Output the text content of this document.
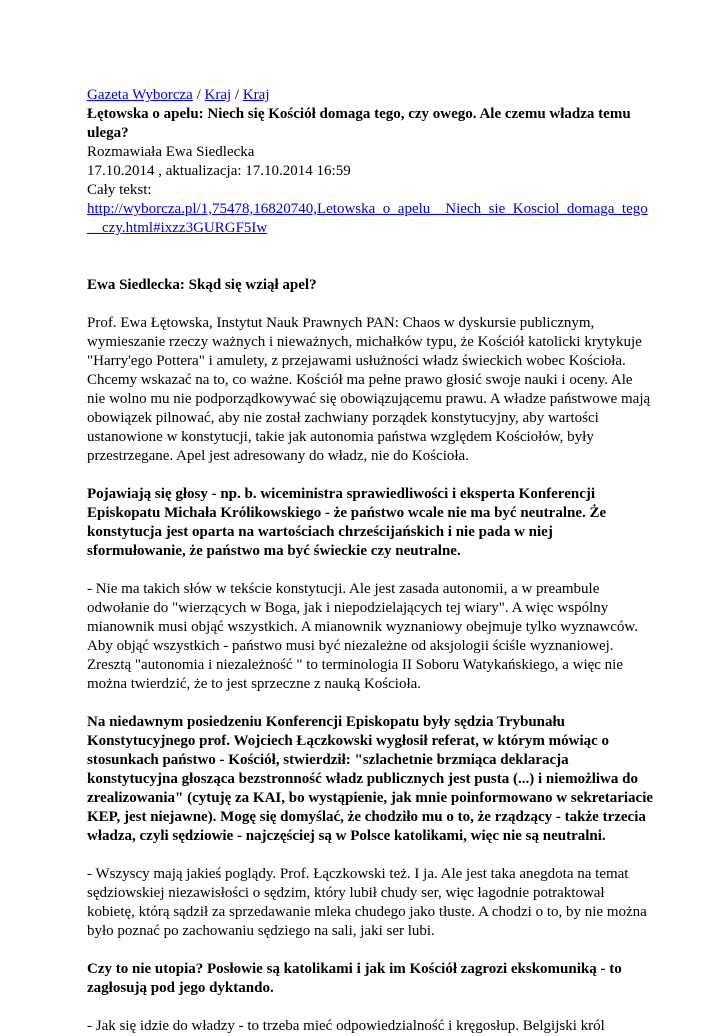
Gazeta Wyborcza / Kraj / Kraj

Łętowska o apelu: Niech się Kościół domaga tego, czy owego. Ale czemu władza temu

ulega?

Rozmawiała Ewa Siedlecka

17.10.2014 , aktualizacja: 17.10.2014 16:59

Cały tekst:

http://wyborcza.pl/1,75478,16820740,Letowska_o_apelu__Niech_sie_Kosciol_domaga_tego

__czy.html#ixzz3GURGF5Iw

Ewa Siedlecka: Skąd się wziął apel?

Prof. Ewa Łętowska, Instytut Nauk Prawnych PAN: Chaos w dyskursie publicznym,

wymieszanie rzeczy ważnych i nieważnych, michałków typu, że Kościół katolicki krytykuje

"Harry'ego Pottera" i amulety, z przejawami usłużności władz świeckich wobec Kościoła.

Chcemy wskazać na to, co ważne. Kościół ma pełne prawo głosić swoje nauki i oceny. Ale

nie wolno mu nie podporządkowywać się obowiązującemu prawu. A władze państwowe mają

obowiązek pilnować, aby nie został zachwiany porządek konstytucyjny, aby wartości

ustanowione w konstytucji, takie jak autonomia państwa względem Kościołów, były

przestrzegane. Apel jest adresowany do władz, nie do Kościoła.

Pojawiają się głosy - np. b. wiceministra sprawiedliwości i eksperta Konferencji

Episkopatu Michała Królikowskiego - że państwo wcale nie ma być neutralne. Że

konstytucja jest oparta na wartościach chrześcijańskich i nie pada w niej

sformułowanie, że państwo ma być świeckie czy neutralne.

- Nie ma takich słów w tekście konstytucji. Ale jest zasada autonomii, a w preambule

odwołanie do "wierzących w Boga, jak i niepodzielających tej wiary". A więc wspólny

mianownik musi objąć wszystkich. A mianownik wyznaniowy obejmuje tylko wyznawców.

Aby objąć wszystkich - państwo musi być niezależne od aksjologii ściśle wyznaniowej.

Zresztą "autonomia i niezależność " to terminologia II Soboru Watykańskiego, a więc nie

można twierdzić, że to jest sprzeczne z nauką Kościoła.

Na niedawnym posiedzeniu Konferencji Episkopatu były sędzia Trybunału

Konstytucyjnego prof. Wojciech Łączkowski wygłosił referat, w którym mówiąc o

stosunkach państwo - Kościół, stwierdził: "szlachetnie brzmiąca deklaracja

konstytucyjna głosząca bezstronność władz publicznych jest pusta (...) i niemożliwa do

zrealizowania" (cytuję za KAI, bo wystąpienie, jak mnie poinformowano w sekretariacie

KEP, jest niejawne). Mogę się domyślać, że chodziło mu o to, że rządzący - także trzecia

władza, czyli sędziowie - najczęściej są w Polsce katolikami, więc nie są neutralni.

- Wszyscy mają jakieś poglądy. Prof. Łączkowski też. I ja. Ale jest taka anegdota na temat

sędziowskiej niezawisłości o sędzim, który lubił chudy ser, więc łagodnie potraktował

kobietę, którą sądził za sprzedawanie mleka chudego jako tłuste. A chodzi o to, by nie można

było poznać po zachowaniu sędziego na sali, jaki ser lubi.

Czy to nie utopia? Posłowie są katolikami i jak im Kościół zagrozi ekskomuniką - to

zagłosują pod jego dyktando.

- Jak się idzie do władzy - to trzeba mieć odpowiedzialność i kręgosłup. Belgijski król
